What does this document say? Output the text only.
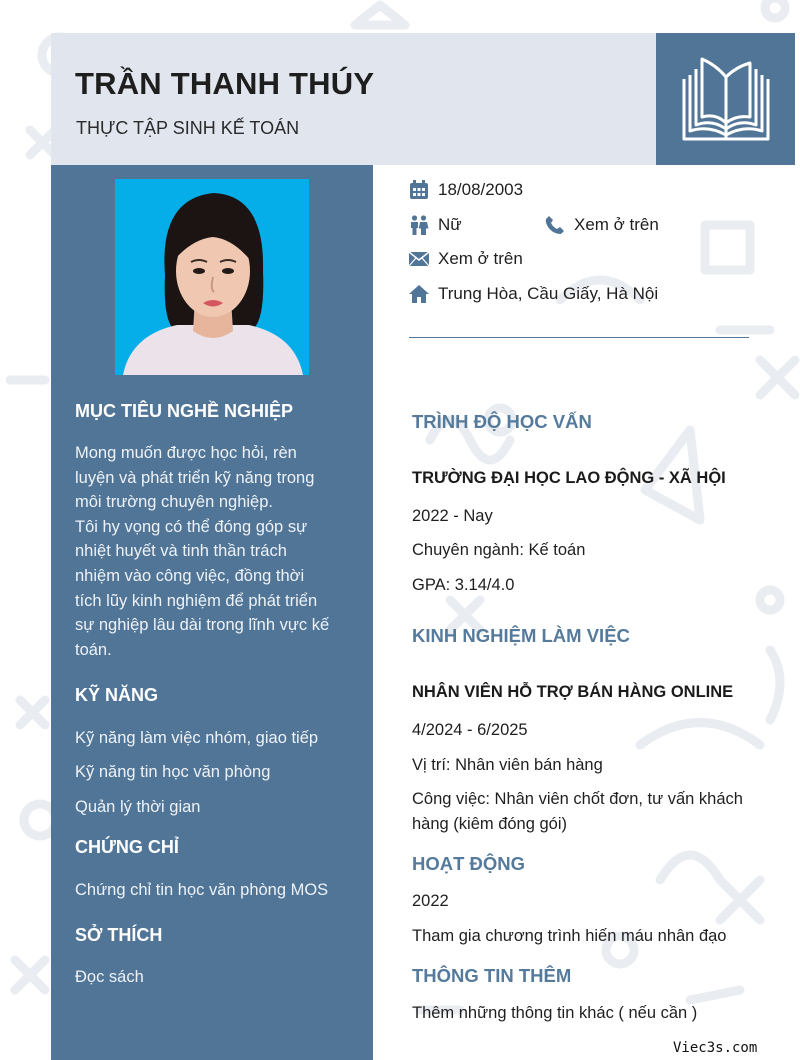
TRẦN THANH THÚY
THỰC TẬP SINH KẾ TOÁN
MỤC TIÊU NGHỀ NGHIỆP
Mong muốn được học hỏi, rèn
luyện và phát triển kỹ năng trong
môi trường chuyên nghiệp.
Tôi hy vọng có thể đóng góp sự
nhiệt huyết và tinh thần trách
nhiệm vào công việc, đồng thời
tích lũy kinh nghiệm để phát triển
sự nghiệp lâu dài trong lĩnh vực kế
toán.
KỸ NĂNG
Kỹ năng làm việc nhóm, giao tiếp
Kỹ năng tin học văn phòng
Quản lý thời gian
CHỨNG CHỈ
Chứng chỉ tin học văn phòng MOS
SỞ THÍCH
Đọc sách
18/08/2003
Nữ	Xem ở trên
Xem ở trên
Trung Hòa, Cầu Giấy, Hà Nội
TRÌNH ĐỘ HỌC VẤN
TRƯỜNG ĐẠI HỌC LAO ĐỘNG - XÃ HỘI
2022 - Nay
Chuyên ngành: Kế toán
GPA: 3.14/4.0
KINH NGHIỆM LÀM VIỆC
NHÂN VIÊN HỖ TRỢ BÁN HÀNG ONLINE
4/2024 - 6/2025
Vị trí: Nhân viên bán hàng
Công việc: Nhân viên chốt đơn, tư vấn khách
hàng (kiêm đóng gói)
HOẠT ĐỘNG
2022
Tham gia chương trình hiến máu nhân đạo
THÔNG TIN THÊM
Thêm những thông tin khác ( nếu cần )
Viec3s.com
